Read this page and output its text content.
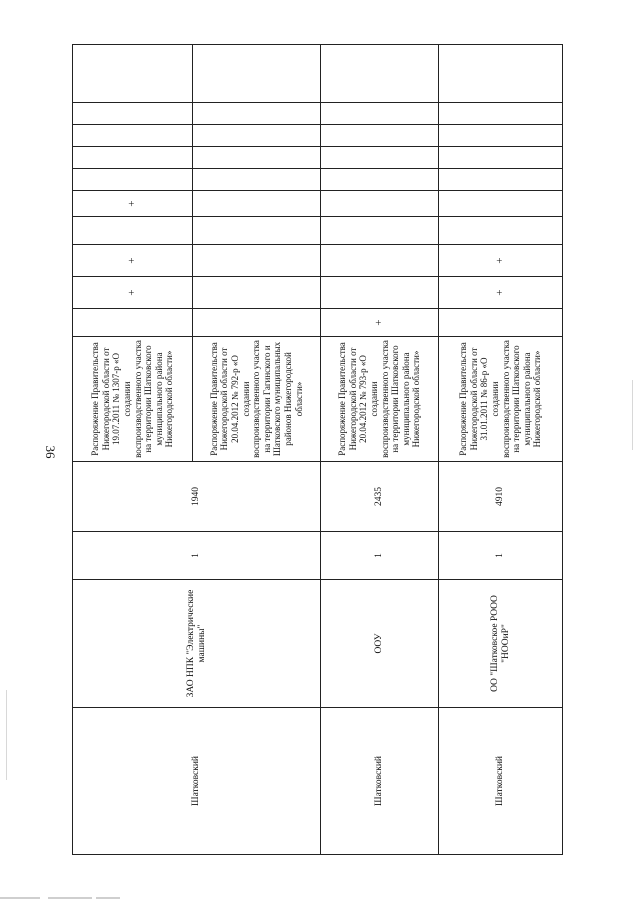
36
Шатковский	ЗАО НПК "Электрические машины"	1	1940	Распоряжение Правительства Нижегородской области от 19.07.2011 № 1307-р «О создании воспроизводственного участка на территории Шатковского муниципального района Нижегородской области»		+	+		+					
				Распоряжение Правительства Нижегородской области от 20.04.2012 № 792-р «О создании воспроизводственного участка на территории Гагинского и Шатковского муниципальных районов Нижегородской области»										
Шатковский	ООУ	1	2435	Распоряжение Правительства Нижегородской области от 20.04.2012 № 793-р «О создании воспроизводственного участка на территории Шатковского муниципального района Нижегородской области»	+									
Шатковский	ОО "Шатковское РООО "НООиР"	1	4910	Распоряжение Правительства Нижегородской области от 31.01.2011 № 86-р «О создании воспроизводственного участка на территории Шатковского муниципального района Нижегородской области»		+	+							
